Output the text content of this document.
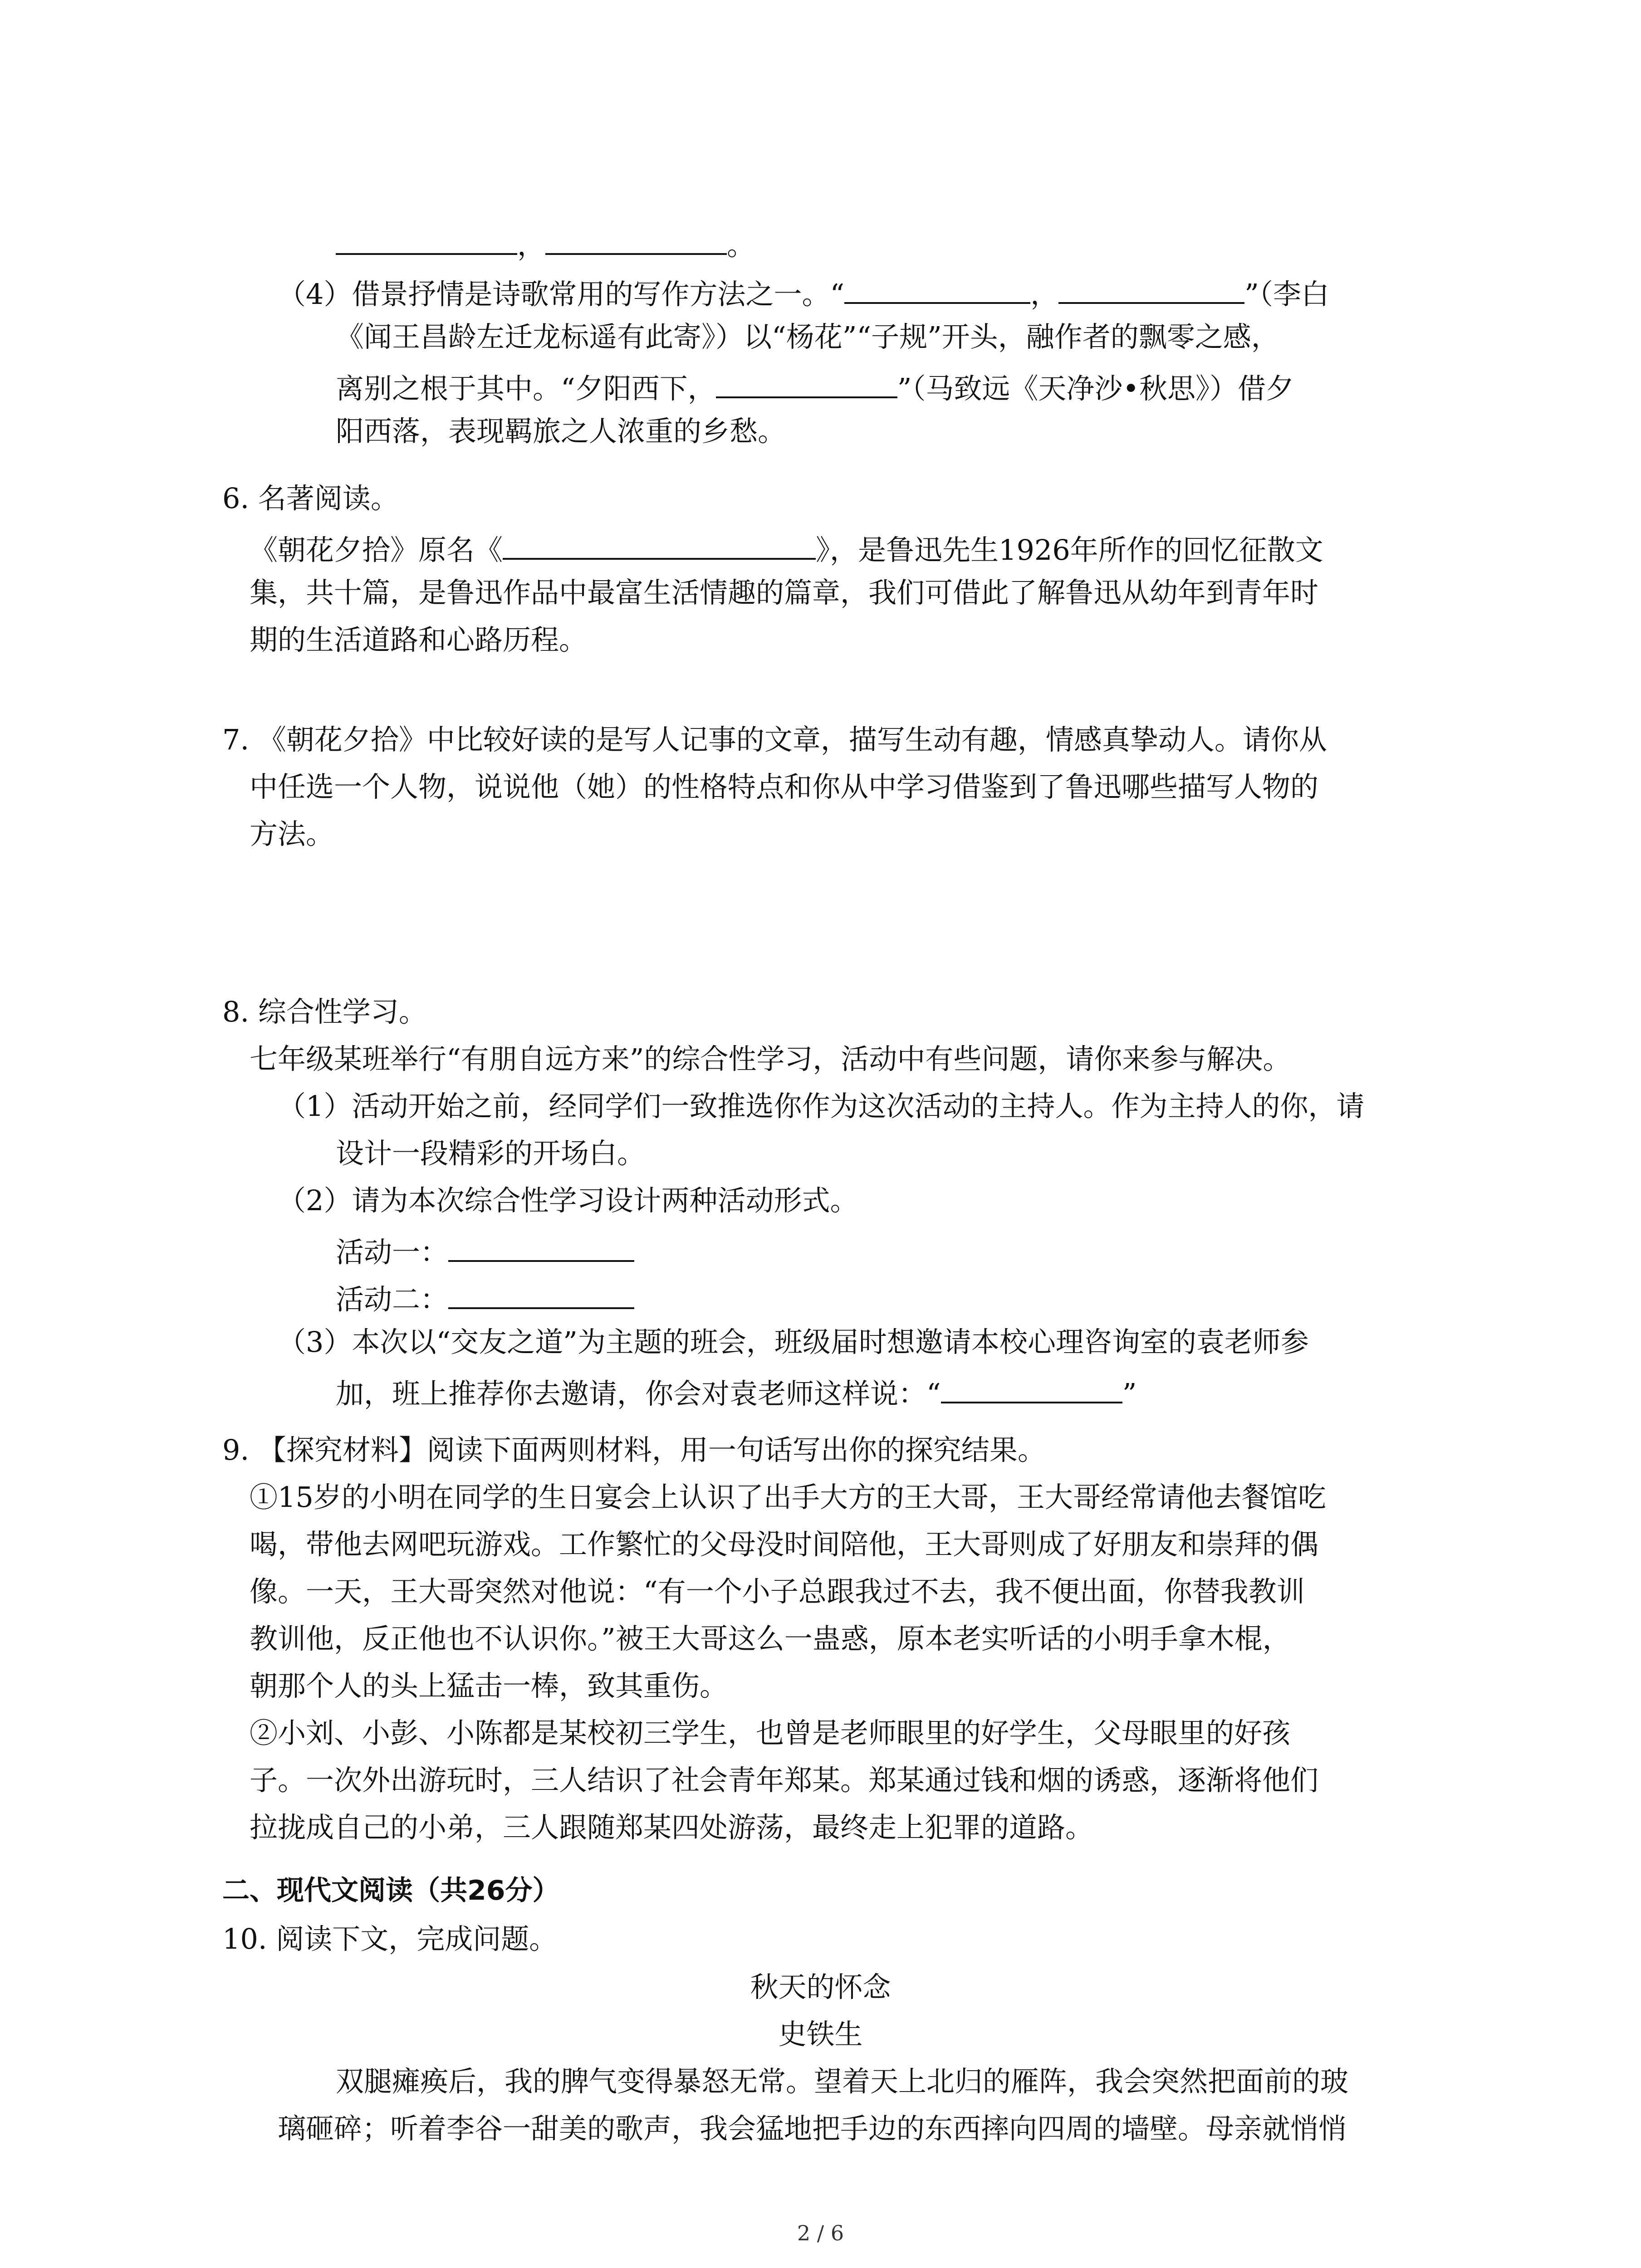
，	。
（4）借景抒情是诗歌常用的写作方法之一。“	，	”（李白
《闻王昌龄左迁龙标遥有此寄》）以“杨花”“子规”开头，融作者的飘零之感，
离别之根于其中。“夕阳西下，	”（马致远《天净沙•秋思》）借夕
阳西落，表现羁旅之人浓重的乡愁。
6. 名著阅读。
《朝花夕拾》原名《	》，是鲁迅先生1926年所作的回忆征散文
集，共十篇，是鲁迅作品中最富生活情趣的篇章，我们可借此了解鲁迅从幼年到青年时
期的生活道路和心路历程。
7. 《朝花夕拾》中比较好读的是写人记事的文章，描写生动有趣，情感真挚动人。请你从
中任选一个人物，说说他（她）的性格特点和你从中学习借鉴到了鲁迅哪些描写人物的
方法。
8. 综合性学习。
七年级某班举行“有朋自远方来”的综合性学习，活动中有些问题，请你来参与解决。
（1）活动开始之前，经同学们一致推选你作为这次活动的主持人。作为主持人的你，请
设计一段精彩的开场白。
（2）请为本次综合性学习设计两种活动形式。
活动一：
活动二：
（3）本次以“交友之道”为主题的班会，班级届时想邀请本校心理咨询室的袁老师参
加，班上推荐你去邀请，你会对袁老师这样说：“	”
9. 【探究材料】阅读下面两则材料，用一句话写出你的探究结果。
①15岁的小明在同学的生日宴会上认识了出手大方的王大哥，王大哥经常请他去餐馆吃
喝，带他去网吧玩游戏。工作繁忙的父母没时间陪他，王大哥则成了好朋友和崇拜的偶
像。一天，王大哥突然对他说：“有一个小子总跟我过不去，我不便出面，你替我教训
教训他，反正他也不认识你。”被王大哥这么一蛊惑，原本老实听话的小明手拿木棍，
朝那个人的头上猛击一棒，致其重伤。
②小刘、小彭、小陈都是某校初三学生，也曾是老师眼里的好学生，父母眼里的好孩
子。一次外出游玩时，三人结识了社会青年郑某。郑某通过钱和烟的诱惑，逐渐将他们
拉拢成自己的小弟，三人跟随郑某四处游荡，最终走上犯罪的道路。
二、现代文阅读（共26分）
10. 阅读下文，完成问题。
秋天的怀念
史铁生
双腿瘫痪后，我的脾气变得暴怒无常。望着天上北归的雁阵，我会突然把面前的玻
璃砸碎；听着李谷一甜美的歌声，我会猛地把手边的东西摔向四周的墙壁。母亲就悄悄
2 / 6
